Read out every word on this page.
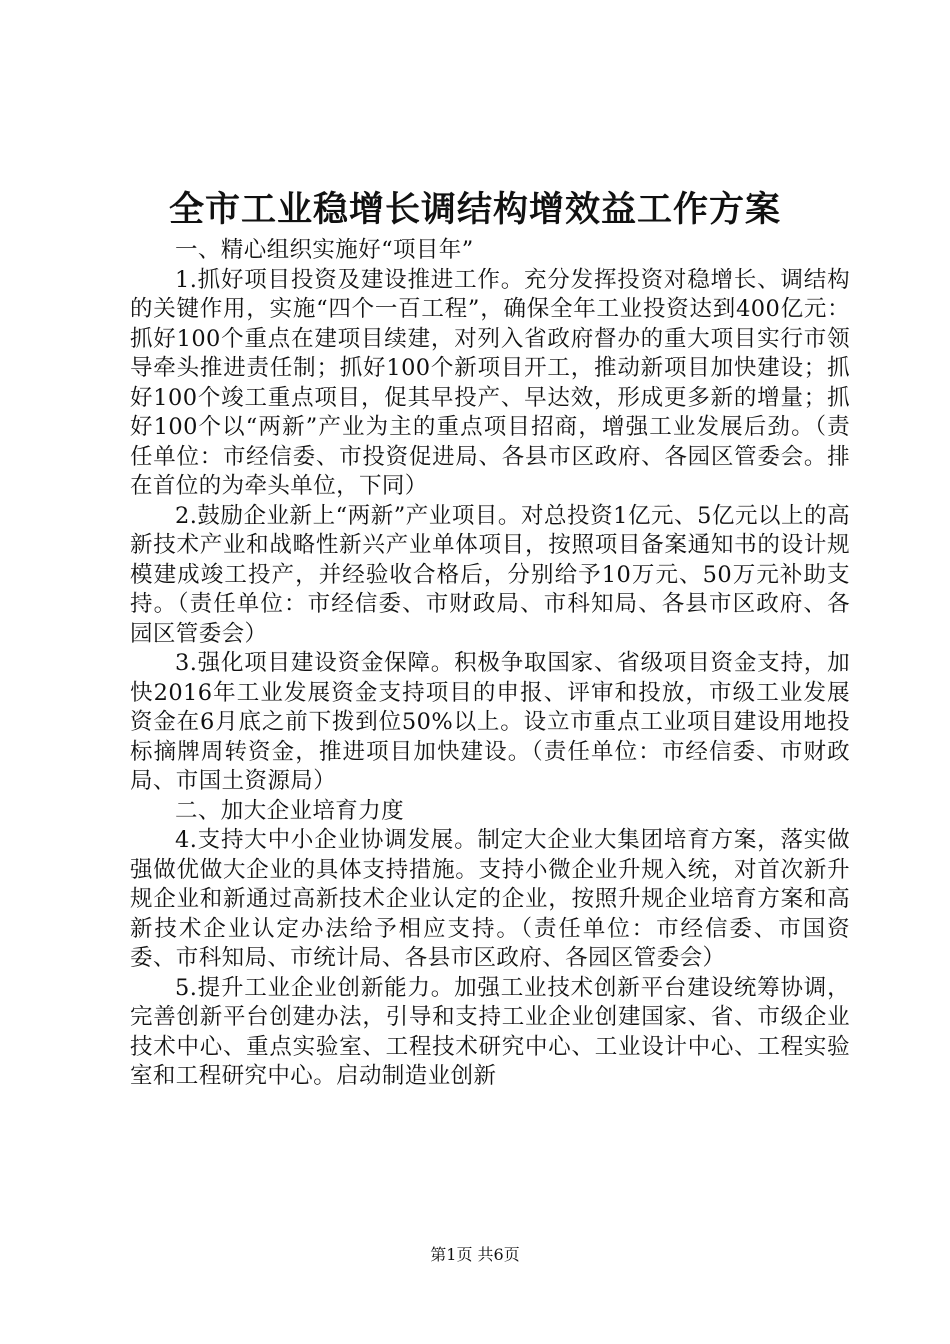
全市工业稳增长调结构增效益工作方案

一、精心组织实施好“项目年”

1.抓好项目投资及建设推进工作。充分发挥投资对稳增长、调结构的关键作用，实施“四个一百工程”，确保全年工业投资达到400亿元：抓好100个重点在建项目续建，对列入省政府督办的重大项目实行市领导牵头推进责任制；抓好100个新项目开工，推动新项目加快建设；抓好100个竣工重点项目，促其早投产、早达效，形成更多新的增量；抓好100个以“两新”产业为主的重点项目招商，增强工业发展后劲。（责任单位：市经信委、市投资促进局、各县市区政府、各园区管委会。排在首位的为牵头单位，下同）

2.鼓励企业新上“两新”产业项目。对总投资1亿元、5亿元以上的高新技术产业和战略性新兴产业单体项目，按照项目备案通知书的设计规模建成竣工投产，并经验收合格后，分别给予10万元、50万元补助支持。（责任单位：市经信委、市财政局、市科知局、各县市区政府、各园区管委会）

3.强化项目建设资金保障。积极争取国家、省级项目资金支持，加快2016年工业发展资金支持项目的申报、评审和投放，市级工业发展资金在6月底之前下拨到位50%以上。设立市重点工业项目建设用地投标摘牌周转资金，推进项目加快建设。（责任单位：市经信委、市财政局、市国土资源局）

二、加大企业培育力度

4.支持大中小企业协调发展。制定大企业大集团培育方案，落实做强做优做大企业的具体支持措施。支持小微企业升规入统，对首次新升规企业和新通过高新技术企业认定的企业，按照升规企业培育方案和高新技术企业认定办法给予相应支持。（责任单位：市经信委、市国资委、市科知局、市统计局、各县市区政府、各园区管委会）

5.提升工业企业创新能力。加强工业技术创新平台建设统筹协调，完善创新平台创建办法，引导和支持工业企业创建国家、省、市级企业技术中心、重点实验室、工程技术研究中心、工业设计中心、工程实验室和工程研究中心。启动制造业创新

第1页 共6页
